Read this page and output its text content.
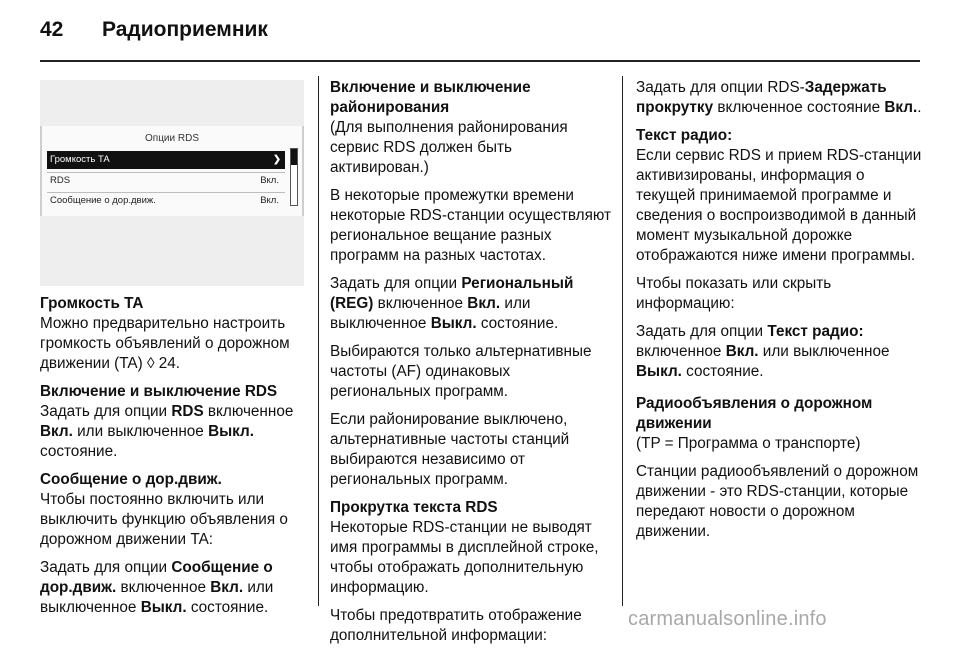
42 Радиоприемник
Опции RDS
Громкость ТА	❯
RDS	Вкл.
Сообщение о дор.движ.	Вкл.

Громкость TA

Можно предварительно настроить громкость объявлений о дорожном движении (TA) ◊ 24.

Включение и выключение RDS

Задать для опции RDS включенное Вкл. или выключенное Выкл. состояние.

Сообщение о дор.движ.

Чтобы постоянно включить или выключить функцию объявления о дорожном движении TA:

Задать для опции Сообщение о дор.движ. включенное Вкл. или выключенное Выкл. состояние.

Включение и выключение районирования

(Для выполнения районирования сервис RDS должен быть активирован.)

В некоторые промежутки времени некоторые RDS-станции осуществляют региональное вещание разных программ на разных частотах.

Задать для опции Региональный (REG) включенное Вкл. или выключенное Выкл. состояние.

Выбираются только альтернативные частоты (AF) одинаковых региональных программ.

Если районирование выключено, альтернативные частоты станций выбираются независимо от региональных программ.

Прокрутка текста RDS

Некоторые RDS-станции не выводят имя программы в дисплейной строке, чтобы отображать дополнительную информацию.

Чтобы предотвратить отображение дополнительной информации:

Задать для опции RDS-Задержать прокрутку включенное состояние Вкл..

Текст радио:

Если сервис RDS и прием RDS-станции активизированы, информация о текущей принимаемой программе и сведения о воспроизводимой в данный момент музыкальной дорожке отображаются ниже имени программы.

Чтобы показать или скрыть информацию:

Задать для опции Текст радио: включенное Вкл. или выключенное Выкл. состояние.

Радиообъявления о дорожном движении

(TP = Программа о транспорте)

Станции радиообъявлений о дорожном движении - это RDS-станции, которые передают новости о дорожном движении.

carmanualsonline.info
